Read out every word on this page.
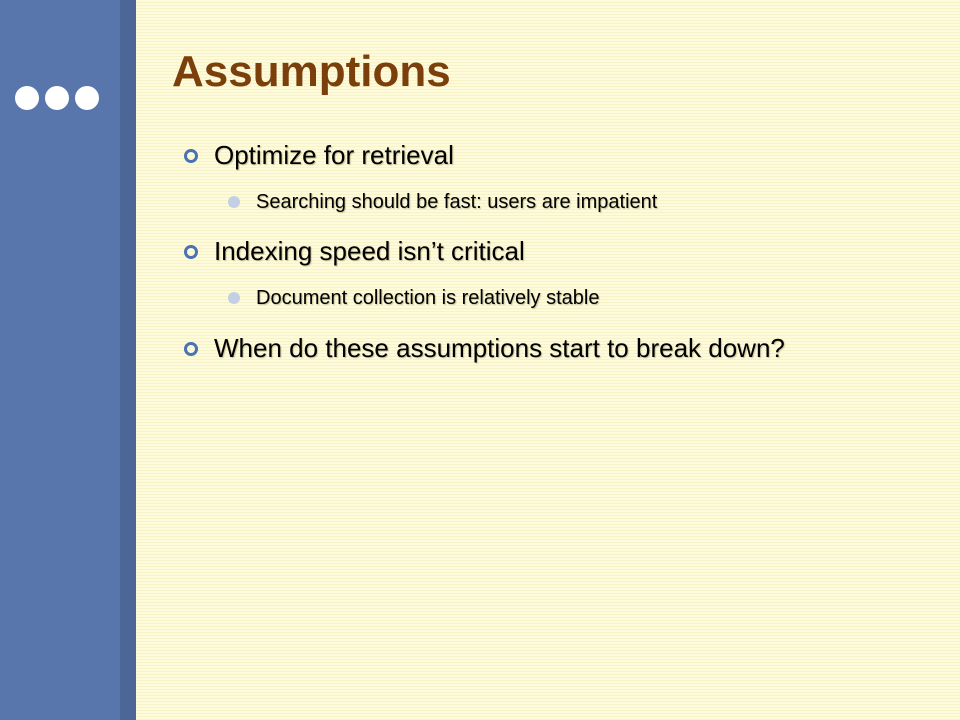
Assumptions
Optimize for retrieval
Searching should be fast: users are impatient
Indexing speed isn’t critical
Document collection is relatively stable
When do these assumptions start to break down?
